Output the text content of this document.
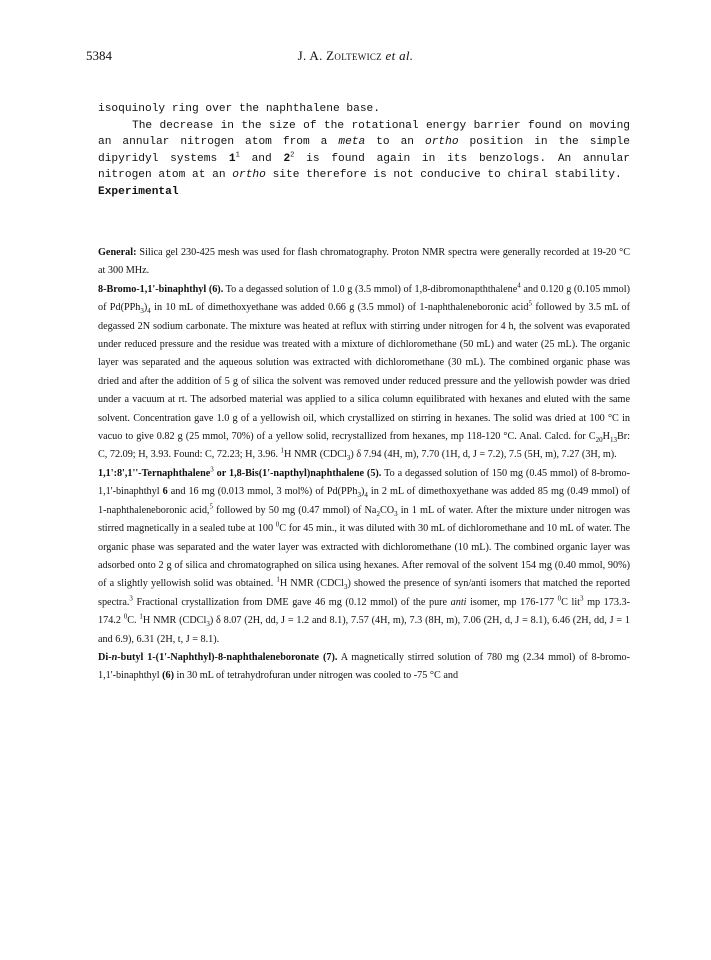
5384	J. A. Zoltewicz et al.

isoquinoly ring over the naphthalene base.

The decrease in the size of the rotational energy barrier found on moving an annular nitrogen atom from a meta to an ortho position in the simple dipyridyl systems $1^1$ and $2^2$ is found again in its benzologs. An annular nitrogen atom at an ortho site therefore is not conducive to chiral stability.

Experimental

General: Silica gel 230-425 mesh was used for flash chromatography. Proton NMR spectra were generally recorded at 19-20 °C at 300 MHz.

8-Bromo-1,1'-binaphthyl (6). To a degassed solution of 1.0 g (3.5 mmol) of 1,8-dibromonapththalene$^4$ and 0.120 g (0.105 mmol) of $Pd(PPh_3)_4$ in 10 mL of dimethoxyethane was added 0.66 g (3.5 mmol) of 1-naphthaleneboronic acid$^5$ followed by 3.5 mL of degassed 2N sodium carbonate. The mixture was heated at reflux with stirring under nitrogen for 4 h, the solvent was evaporated under reduced pressure and the residue was treated with a mixture of dichloromethane (50 mL) and water (25 mL). The organic layer was separated and the aqueous solution was extracted with dichloromethane (30 mL). The combined organic phase was dried and after the addition of 5 g of silica the solvent was removed under reduced pressure and the yellowish powder was dried under a vacuum at rt. The adsorbed material was applied to a silica column equilibrated with hexanes and eluted with the same solvent. Concentration gave 1.0 g of a yellowish oil, which crystallized on stirring in hexanes. The solid was dried at 100 °C in vacuo to give 0.82 g (25 mmol, 70%) of a yellow solid, recrystallized from hexanes, mp 118-120 °C. Anal. Calcd. for $C_{20}H_{13}Br$: C, 72.09; H, 3.93. Found: C, 72.23; H, 3.96. $^1$H NMR (CDCl$_3$) δ 7.94 (4H, m), 7.70 (1H, d, J = 7.2), 7.5 (5H, m), 7.27 (3H, m).

1,1':8',1''-Ternaphthalene$^3$ or 1,8-Bis(1'-napthyl)naphthalene (5). To a degassed solution of 150 mg (0.45 mmol) of 8-bromo-1,1'-binaphthyl 6 and 16 mg (0.013 mmol, 3 mol%) of $Pd(PPh_3)_4$ in 2 mL of dimethoxyethane was added 85 mg (0.49 mmol) of 1-naphthaleneboronic acid,$^5$ followed by 50 mg (0.47 mmol) of $Na_2CO_3$ in 1 mL of water. After the mixture under nitrogen was stirred magnetically in a sealed tube at 100 $^0$C for 45 min., it was diluted with 30 mL of dichloromethane and 10 mL of water. The organic phase was separated and the water layer was extracted with dichloromethane (10 mL). The combined organic layer was adsorbed onto 2 g of silica and chromatographed on silica using hexanes. After removal of the solvent 154 mg (0.40 mmol, 90%) of a slightly yellowish solid was obtained. $^1$H NMR (CDCl$_3$) showed the presence of syn/anti isomers that matched the reported spectra.$^3$ Fractional crystallization from DME gave 46 mg (0.12 mmol) of the pure anti isomer, mp 176-177 $^0$C lit$^3$ mp 173.3-174.2 $^0$C. $^1$H NMR (CDCl$_3$) δ 8.07 (2H, dd, J = 1.2 and 8.1), 7.57 (4H, m), 7.3 (8H, m), 7.06 (2H, d, J = 8.1), 6.46 (2H, dd, J = 1 and 6.9), 6.31 (2H, t, J = 8.1).

Di-n-butyl 1-(1'-Naphthyl)-8-naphthaleneboronate (7). A magnetically stirred solution of 780 mg (2.34 mmol) of 8-bromo-1,1'-binaphthyl (6) in 30 mL of tetrahydrofuran under nitrogen was cooled to -75 °C and
